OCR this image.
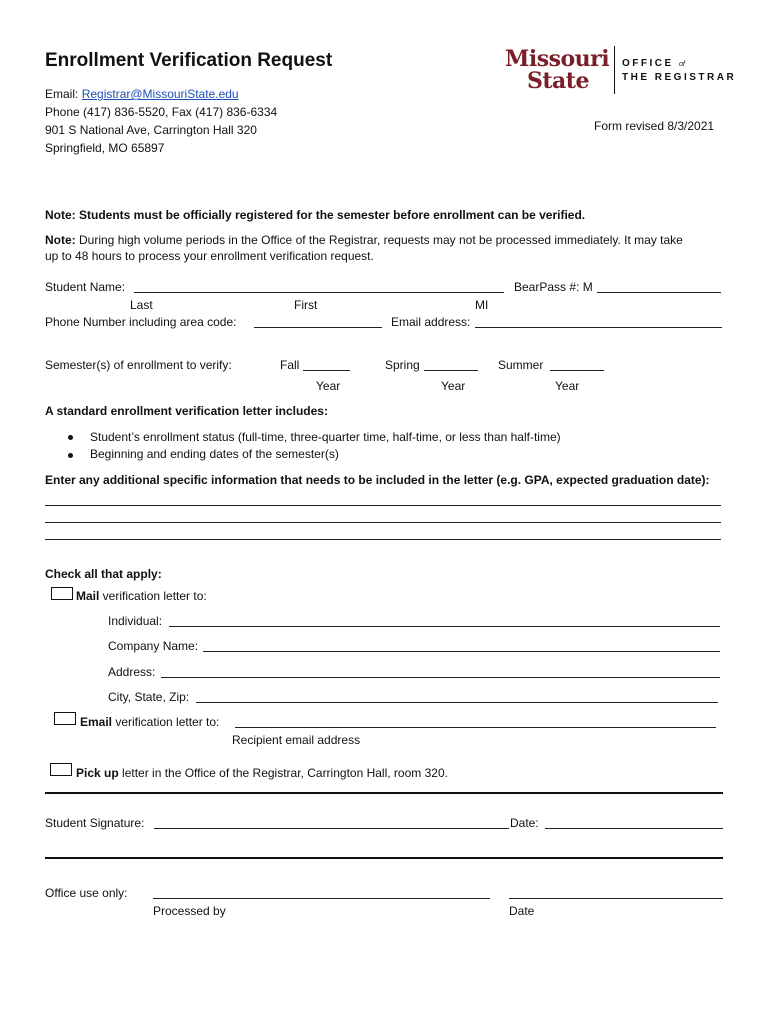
Enrollment Verification Request
Email: Registrar@MissouriState.edu
Phone (417) 836-5520, Fax (417) 836-6334
901 S National Ave, Carrington Hall 320
Springfield, MO 65897
Form revised 8/3/2021
Missouri
State
OFFICE of
THE REGISTRAR
Note: Students must be officially registered for the semester before enrollment can be verified.
Note: During high volume periods in the Office of the Registrar, requests may not be processed immediately. It may take
up to 48 hours to process your enrollment verification request.
Student Name:	BearPass #: M
Last	First	MI
Phone Number including area code:	Email address:
Semester(s) of enrollment to verify:	Fall	Spring	Summer
Year	Year	Year
A standard enrollment verification letter includes:
Student’s enrollment status (full-time, three-quarter time, half-time, or less than half-time)
Beginning and ending dates of the semester(s)
Enter any additional specific information that needs to be included in the letter (e.g. GPA, expected graduation date):
Check all that apply:
Mail verification letter to:
Individual:
Company Name:
Address:
City, State, Zip:
Email verification letter to:
Recipient email address
Pick up letter in the Office of the Registrar, Carrington Hall, room 320.
Student Signature:	Date:
Office use only:
Processed by	Date
